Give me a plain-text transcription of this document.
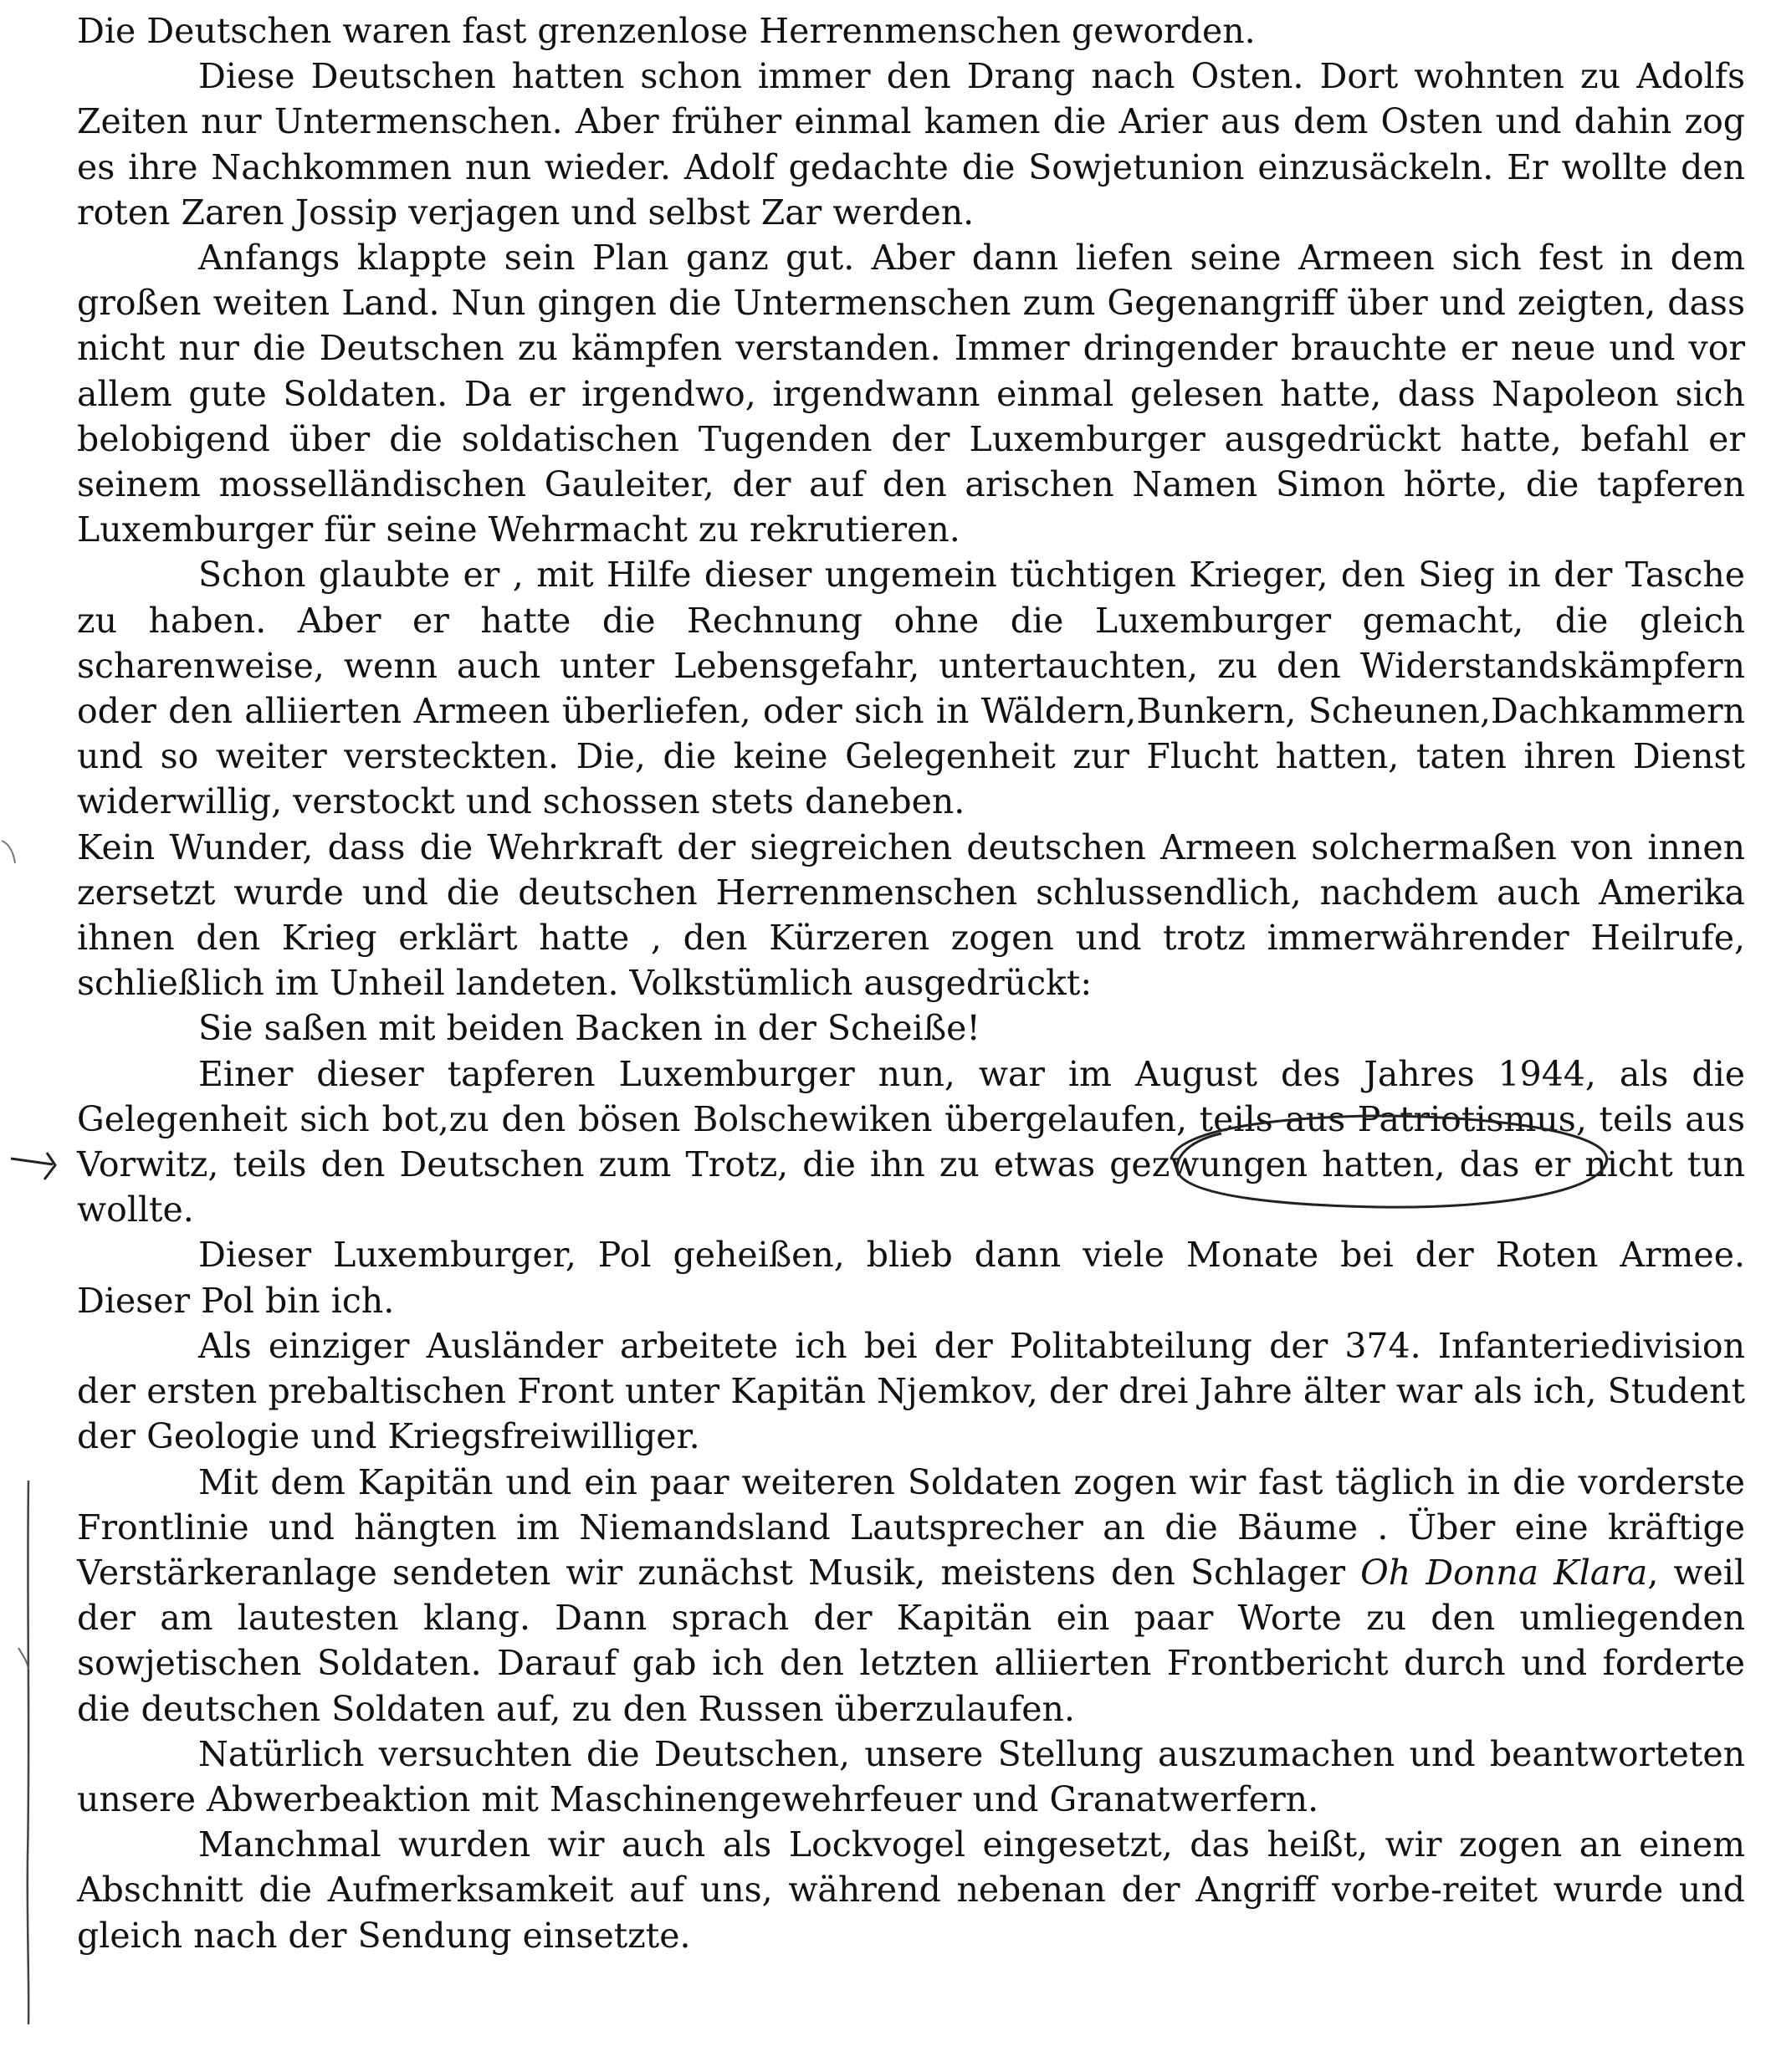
Die Deutschen waren fast grenzenlose Herrenmenschen geworden.

Diese Deutschen hatten schon immer den Drang nach Osten. Dort wohnten zu Adolfs Zeiten nur Untermenschen. Aber früher einmal kamen die Arier aus dem Osten und dahin zog es ihre Nachkommen nun wieder. Adolf gedachte die Sowjetunion einzusäckeln. Er wollte den roten Zaren Jossip verjagen und selbst Zar werden.

Anfangs klappte sein Plan ganz gut. Aber dann liefen seine Armeen sich fest in dem großen weiten Land. Nun gingen die Untermenschen zum Gegenangriff über und zeigten, dass nicht nur die Deutschen zu kämpfen verstanden. Immer dringender brauchte er neue und vor allem gute Soldaten. Da er irgendwo, irgendwann einmal gelesen hatte, dass Napoleon sich belobigend über die soldatischen Tugenden der Luxemburger ausgedrückt hatte, befahl er seinem mosselländischen Gauleiter, der auf den arischen Namen Simon hörte, die tapferen Luxemburger für seine Wehrmacht zu rekrutieren.

Schon glaubte er , mit Hilfe dieser ungemein tüchtigen Krieger, den Sieg in der Tasche zu haben. Aber er hatte die Rechnung ohne die Luxemburger gemacht, die gleich scharenweise, wenn auch unter Lebensgefahr, untertauchten, zu den Widerstandskämpfern oder den alliierten Armeen überliefen, oder sich in Wäldern,Bunkern, Scheunen,Dachkammern und so weiter versteckten. Die, die keine Gelegenheit zur Flucht hatten, taten ihren Dienst widerwillig, verstockt und schossen stets daneben.

Kein Wunder, dass die Wehrkraft der siegreichen deutschen Armeen solchermaßen von innen zersetzt wurde und die deutschen Herrenmenschen schlussendlich, nachdem auch Amerika ihnen den Krieg erklärt hatte , den Kürzeren zogen und trotz immerwährender Heilrufe, schließlich im Unheil landeten. Volkstümlich ausgedrückt:

Sie saßen mit beiden Backen in der Scheiße!

Einer dieser tapferen Luxemburger nun, war im August des Jahres 1944, als die Gelegenheit sich bot,zu den bösen Bolschewiken übergelaufen, teils aus Patriotismus, teils aus Vorwitz, teils den Deutschen zum Trotz, die ihn zu etwas gezwungen hatten, das er nicht tun wollte.

Dieser Luxemburger, Pol geheißen, blieb dann viele Monate bei der Roten Armee. Dieser Pol bin ich.

Als einziger Ausländer arbeitete ich bei der Politabteilung der 374. Infanteriedivision der ersten prebaltischen Front unter Kapitän Njemkov, der drei Jahre älter war als ich, Student der Geologie und Kriegsfreiwilliger.

Mit dem Kapitän und ein paar weiteren Soldaten zogen wir fast täglich in die vorderste Frontlinie und hängten im Niemandsland Lautsprecher an die Bäume . Über eine kräftige Verstärkeranlage sendeten wir zunächst Musik, meistens den Schlager Oh Donna Klara, weil der am lautesten klang. Dann sprach der Kapitän ein paar Worte zu den umliegenden sowjetischen Soldaten. Darauf gab ich den letzten alliierten Frontbericht durch und forderte die deutschen Soldaten auf, zu den Russen überzulaufen.

Natürlich versuchten die Deutschen, unsere Stellung auszumachen und beantworteten unsere Abwerbeaktion mit Maschinengewehrfeuer und Granatwerfern.

Manchmal wurden wir auch als Lockvogel eingesetzt, das heißt, wir zogen an einem Abschnitt die Aufmerksamkeit auf uns, während nebenan der Angriff vorbe-reitet wurde und gleich nach der Sendung einsetzte.
